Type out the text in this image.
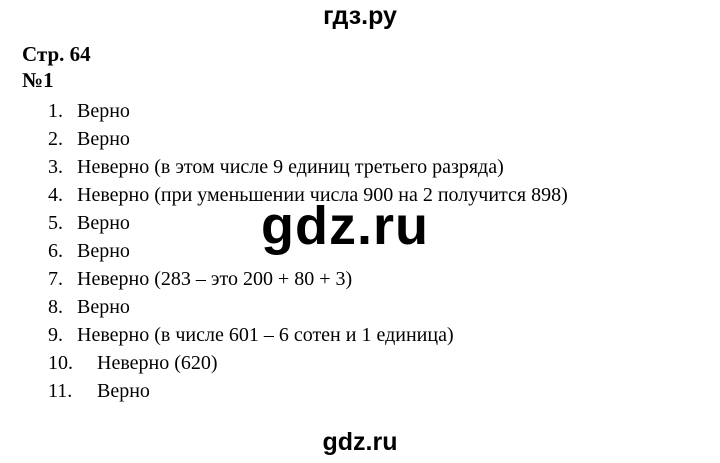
гдз.ру
Стр. 64
№1
1. Верно
2. Верно
3. Неверно (в этом числе 9 единиц третьего разряда)
4. Неверно (при уменьшении числа 900 на 2 получится 898)
5. Верно
6. Верно
7. Неверно (283 – это 200 + 80 + 3)
8. Верно
9. Неверно (в числе 601 – 6 сотен и 1 единица)
10. Неверно (620)
11. Верно
gdz.ru
gdz.ru
